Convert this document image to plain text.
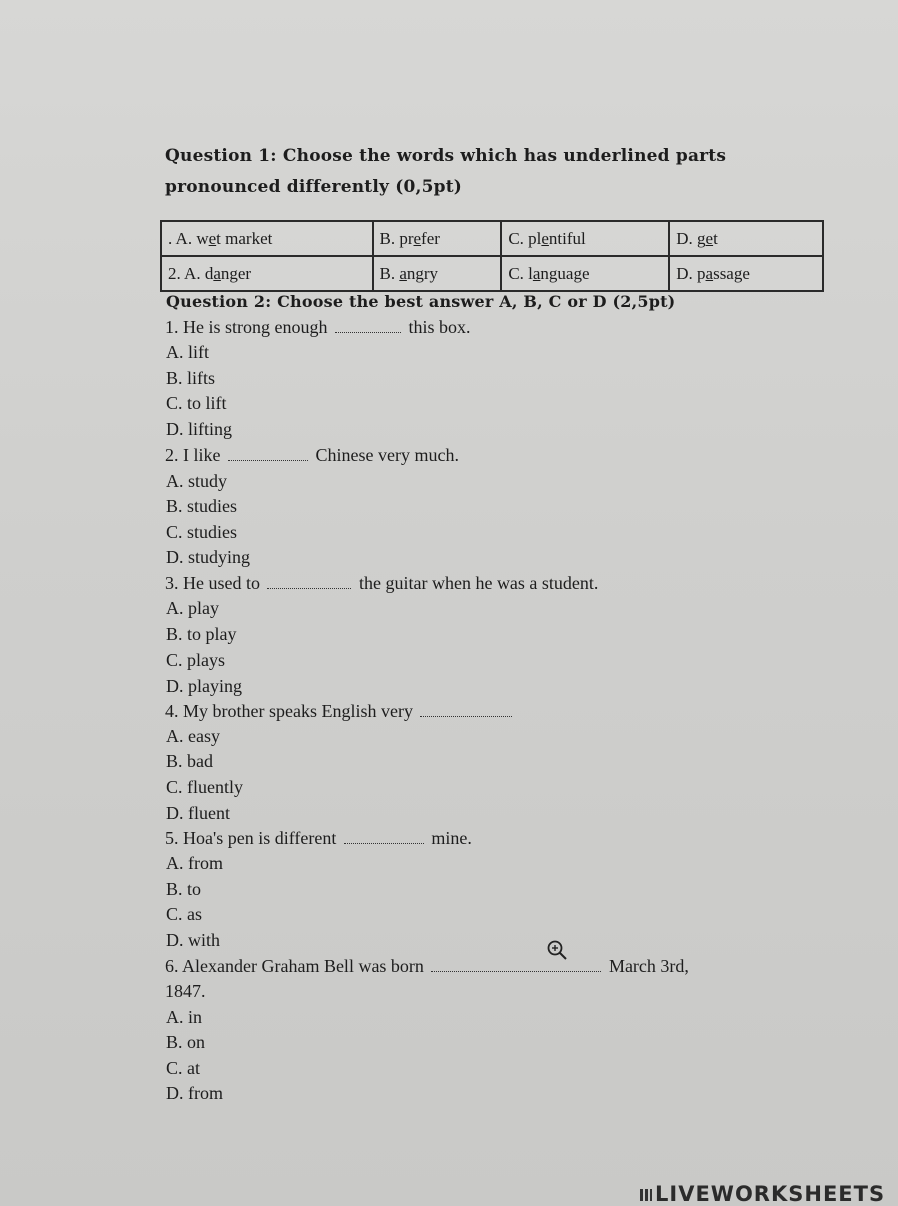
Question 1: Choose the words which has underlined parts
pronounced differently (0,5pt)
. A. wet market	B. prefer	C. plentiful	D. get
2. A. danger	B. angry	C. language	D. passage
Question 2: Choose the best answer A, B, C or D (2,5pt)
1. He is strong enough	this box.
A. lift
B. lifts
C. to lift
D. lifting
2. I like	Chinese very much.
A. study
B. studies
C. studies
D. studying
3. He used to	the guitar when he was a student.
A. play
B. to play
C. plays
D. playing
4. My brother speaks English very
A. easy
B. bad
C. fluently
D. fluent
5. Hoa's pen is different	mine.
A. from
B. to
C. as
D. with
6. Alexander Graham Bell was born	March 3rd,
1847.
A. in
B. on
C. at
D. from
LIVEWORKSHEETS
